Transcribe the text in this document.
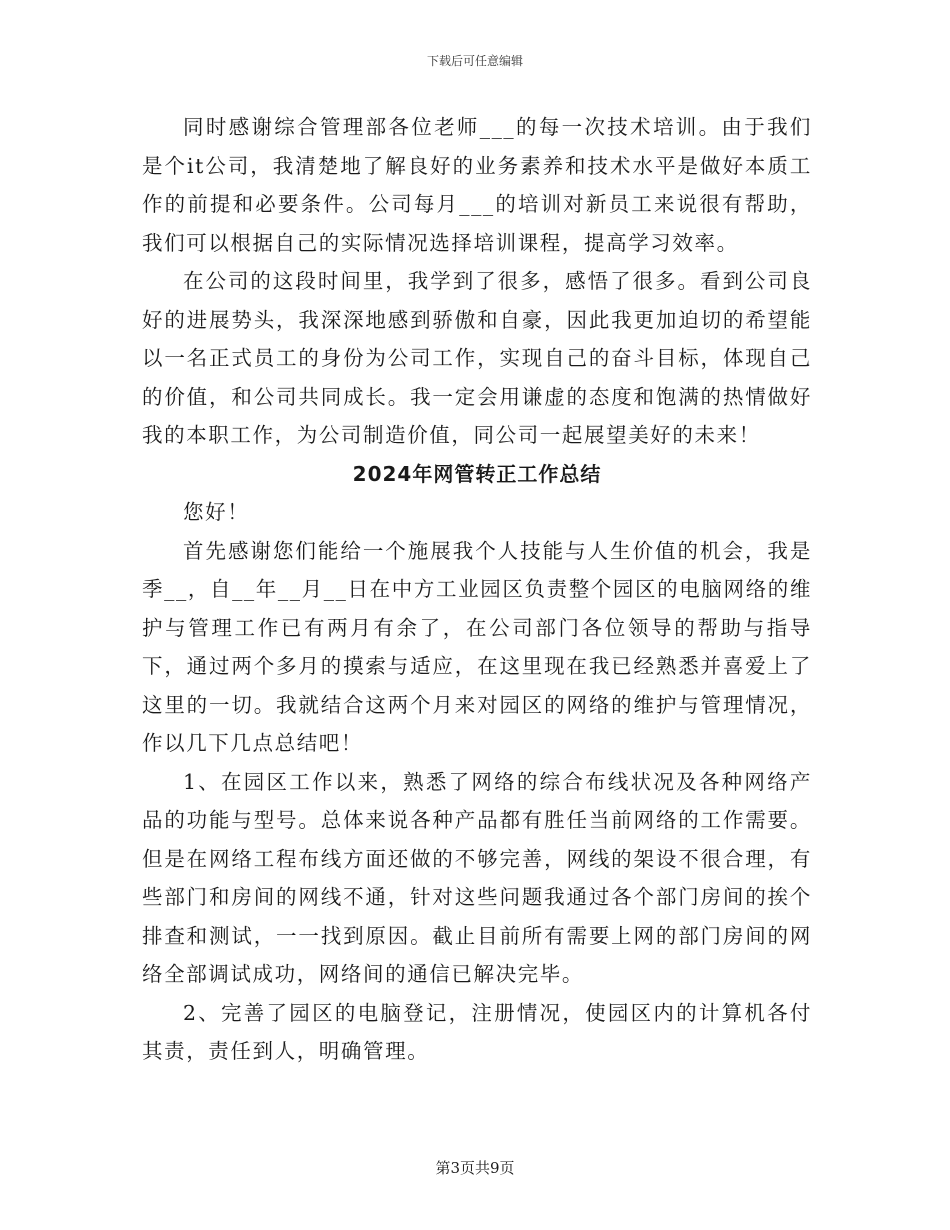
下载后可任意编辑

同时感谢综合管理部各位老师___的每一次技术培训。由于我们是个it公司，我清楚地了解良好的业务素养和技术水平是做好本质工作的前提和必要条件。公司每月___的培训对新员工来说很有帮助，我们可以根据自己的实际情况选择培训课程，提高学习效率。

在公司的这段时间里，我学到了很多，感悟了很多。看到公司良好的进展势头，我深深地感到骄傲和自豪，因此我更加迫切的希望能以一名正式员工的身份为公司工作，实现自己的奋斗目标，体现自己的价值，和公司共同成长。我一定会用谦虚的态度和饱满的热情做好我的本职工作，为公司制造价值，同公司一起展望美好的未来！

2024年网管转正工作总结

您好！

首先感谢您们能给一个施展我个人技能与人生价值的机会，我是季__，自__年__月__日在中方工业园区负责整个园区的电脑网络的维护与管理工作已有两月有余了，在公司部门各位领导的帮助与指导下，通过两个多月的摸索与适应，在这里现在我已经熟悉并喜爱上了这里的一切。我就结合这两个月来对园区的网络的维护与管理情况，作以几下几点总结吧！

1、在园区工作以来，熟悉了网络的综合布线状况及各种网络产品的功能与型号。总体来说各种产品都有胜任当前网络的工作需要。但是在网络工程布线方面还做的不够完善，网线的架设不很合理，有些部门和房间的网线不通，针对这些问题我通过各个部门房间的挨个排查和测试，一一找到原因。截止目前所有需要上网的部门房间的网络全部调试成功，网络间的通信已解决完毕。

2、完善了园区的电脑登记，注册情况，使园区内的计算机各付其责，责任到人，明确管理。

第3页共9页
